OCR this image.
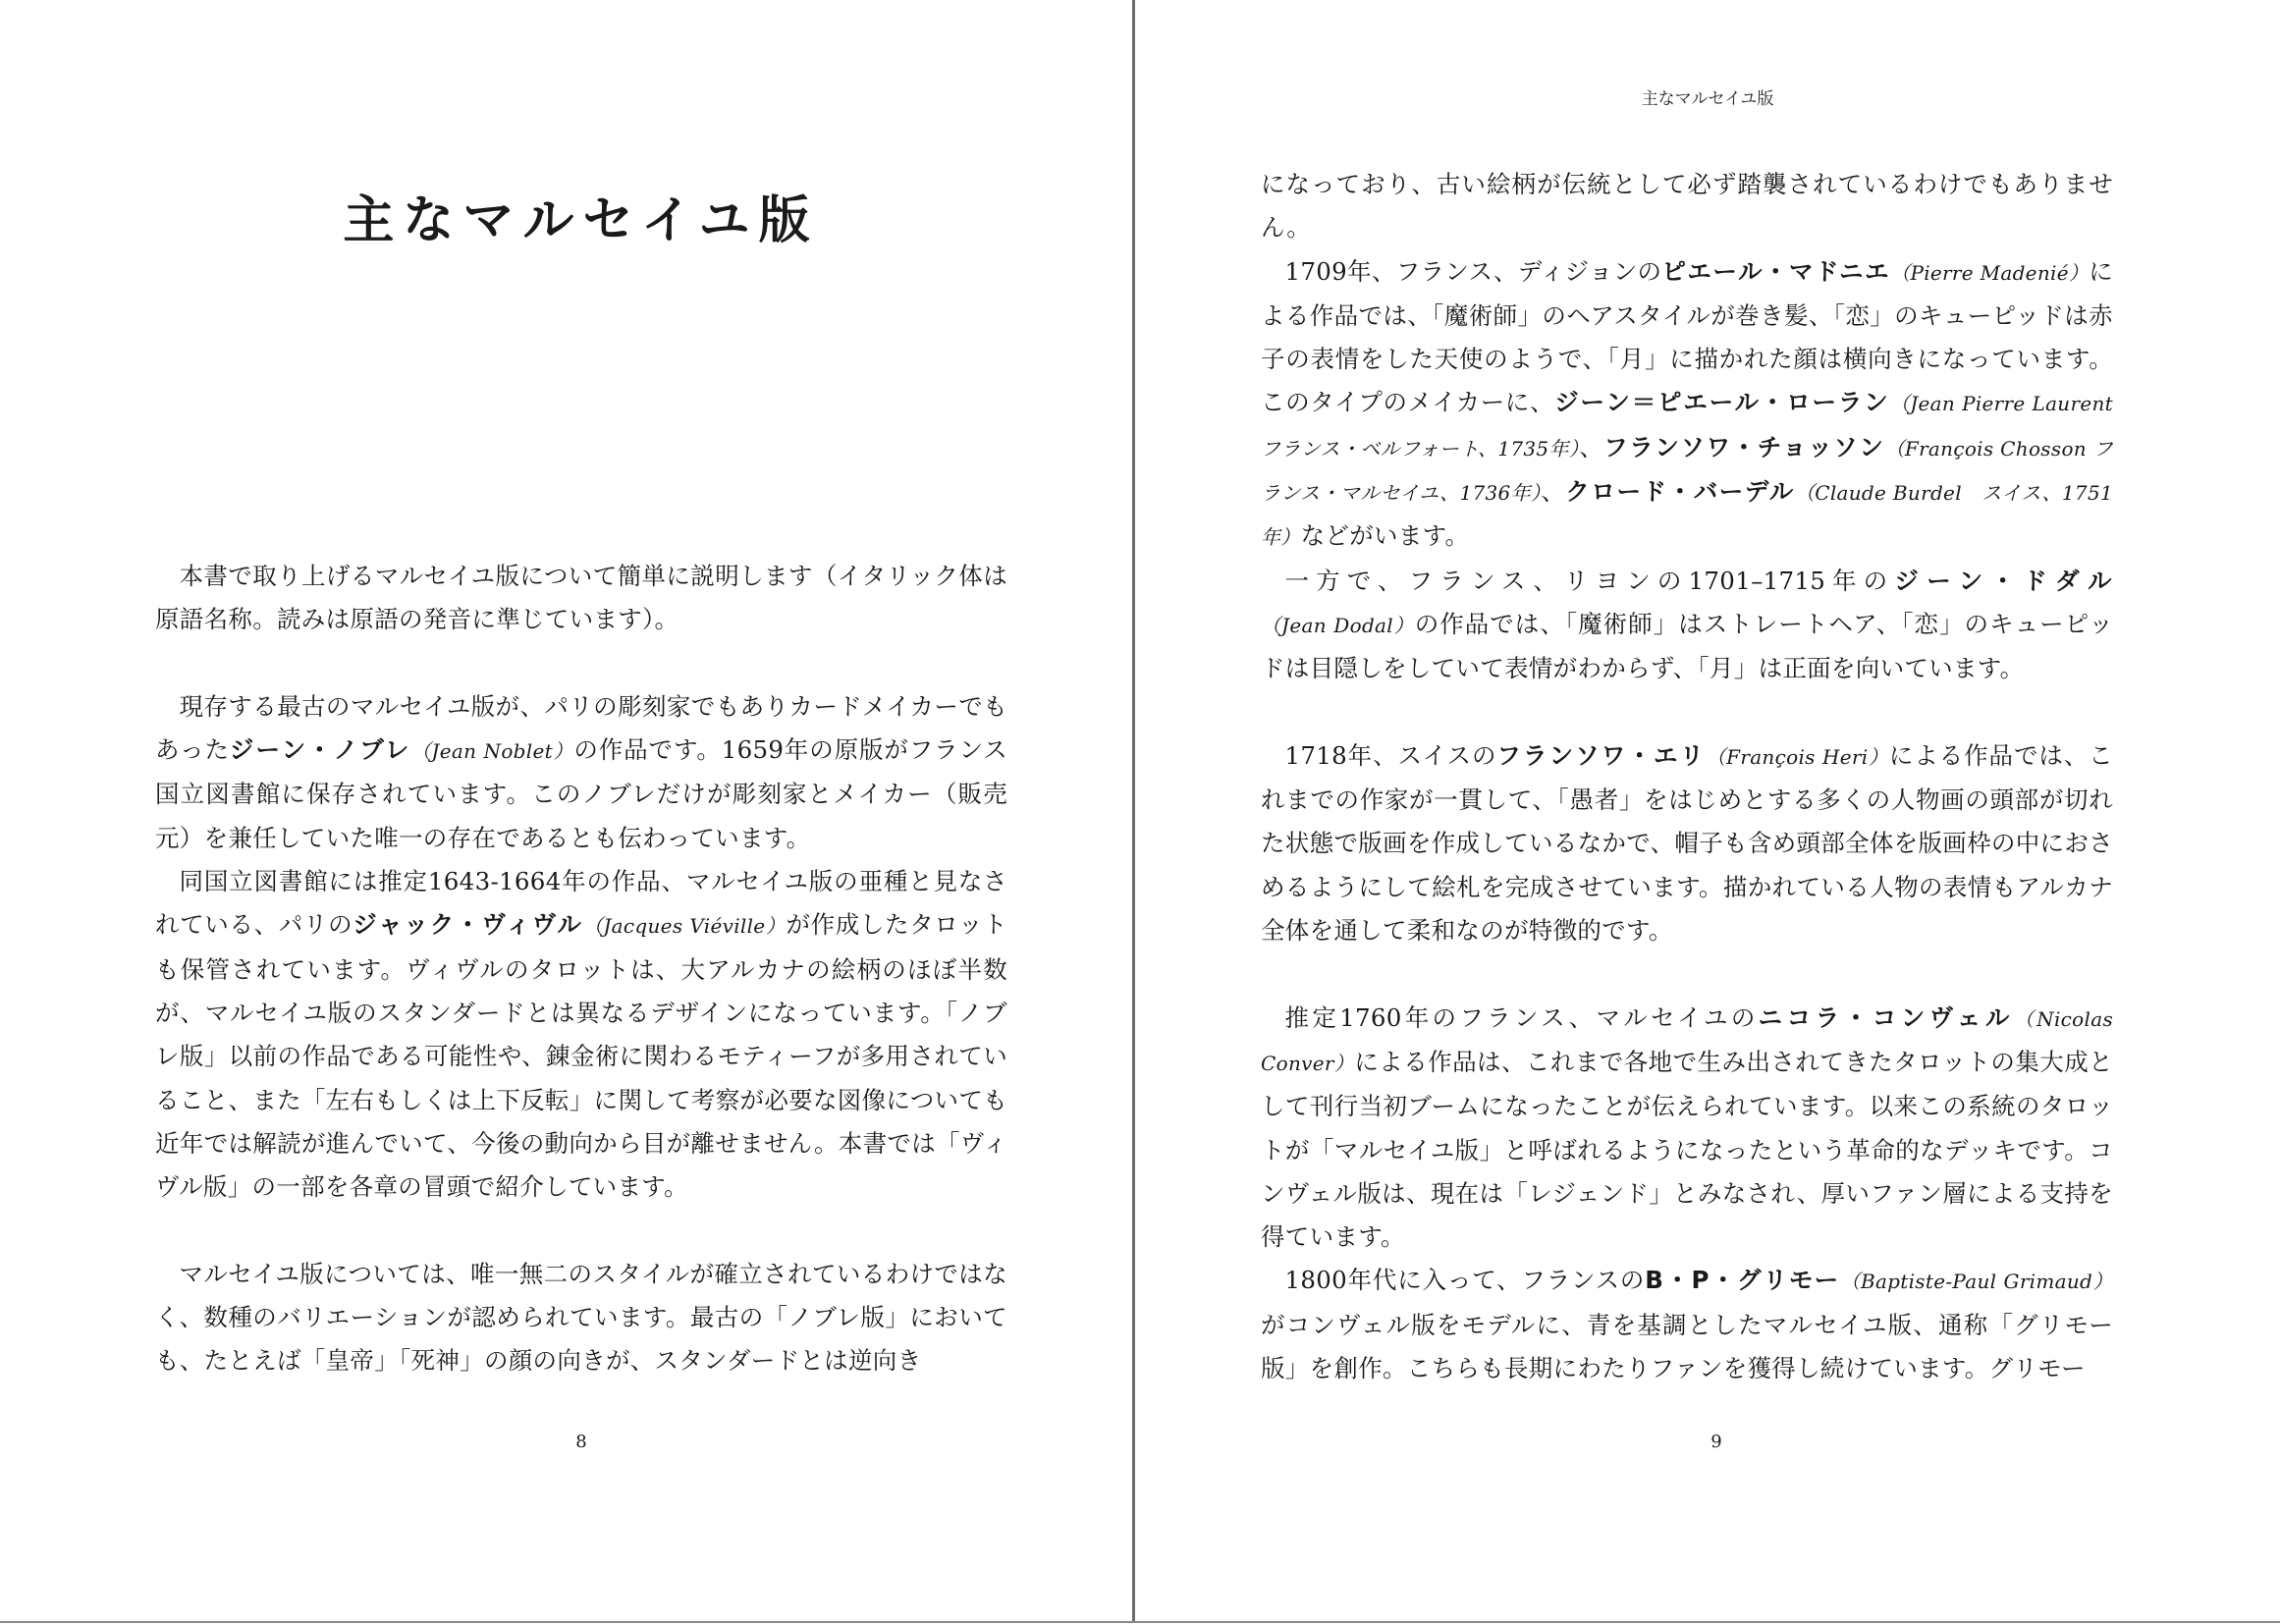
主なマルセイユ版

本書で取り上げるマルセイユ版について簡単に説明します（イタリック体は原語名称。読みは原語の発音に準じています）。

現存する最古のマルセイユ版が、パリの彫刻家でもありカードメイカーでもあったジーン・ノブレ（Jean Noblet）の作品です。1659年の原版がフランス国立図書館に保存されています。このノブレだけが彫刻家とメイカー（販売元）を兼任していた唯一の存在であるとも伝わっています。

同国立図書館には推定1643-1664年の作品、マルセイユ版の亜種と見なされている、パリのジャック・ヴィヴル（Jacques Viéville）が作成したタロットも保管されています。ヴィヴルのタロットは、大アルカナの絵柄のほぼ半数が、マルセイユ版のスタンダードとは異なるデザインになっています。「ノブレ版」以前の作品である可能性や、錬金術に関わるモティーフが多用されていること、また「左右もしくは上下反転」に関して考察が必要な図像についても近年では解読が進んでいて、今後の動向から目が離せません。本書では「ヴィヴル版」の一部を各章の冒頭で紹介しています。

マルセイユ版については、唯一無二のスタイルが確立されているわけではなく、数種のバリエーションが認められています。最古の「ノブレ版」においても、たとえば「皇帝」「死神」の顔の向きが、スタンダードとは逆向き

8
主なマルセイユ版

になっており、古い絵柄が伝統として必ず踏襲されているわけでもありません。

1709年、フランス、ディジョンのピエール・マドニエ（Pierre Madenié）による作品では、「魔術師」のヘアスタイルが巻き髪、「恋」のキューピッドは赤子の表情をした天使のようで、「月」に描かれた顔は横向きになっています。このタイプのメイカーに、ジーン＝ピエール・ローラン（Jean Pierre Laurent フランス・ベルフォート、1735年）、フランソワ・チョッソン（François Chosson フランス・マルセイユ、1736年）、クロード・バーデル（Claude Burdel　スイス、1751年）などがいます。

一方で、フランス、リヨンの1701–1715年のジーン・ドダル（Jean Dodal）の作品では、「魔術師」はストレートヘア、「恋」のキューピッドは目隠しをしていて表情がわからず、「月」は正面を向いています。

1718年、スイスのフランソワ・エリ（François Heri）による作品では、これまでの作家が一貫して、「愚者」をはじめとする多くの人物画の頭部が切れた状態で版画を作成しているなかで、帽子も含め頭部全体を版画枠の中におさめるようにして絵札を完成させています。描かれている人物の表情もアルカナ全体を通して柔和なのが特徴的です。

推定1760年のフランス、マルセイユのニコラ・コンヴェル（Nicolas Conver）による作品は、これまで各地で生み出されてきたタロットの集大成として刊行当初ブームになったことが伝えられています。以来この系統のタロットが「マルセイユ版」と呼ばれるようになったという革命的なデッキです。コンヴェル版は、現在は「レジェンド」とみなされ、厚いファン層による支持を得ています。

1800年代に入って、フランスのB・P・グリモー（Baptiste-Paul Grimaud）がコンヴェル版をモデルに、青を基調としたマルセイユ版、通称「グリモー版」を創作。こちらも長期にわたりファンを獲得し続けています。グリモー

9
